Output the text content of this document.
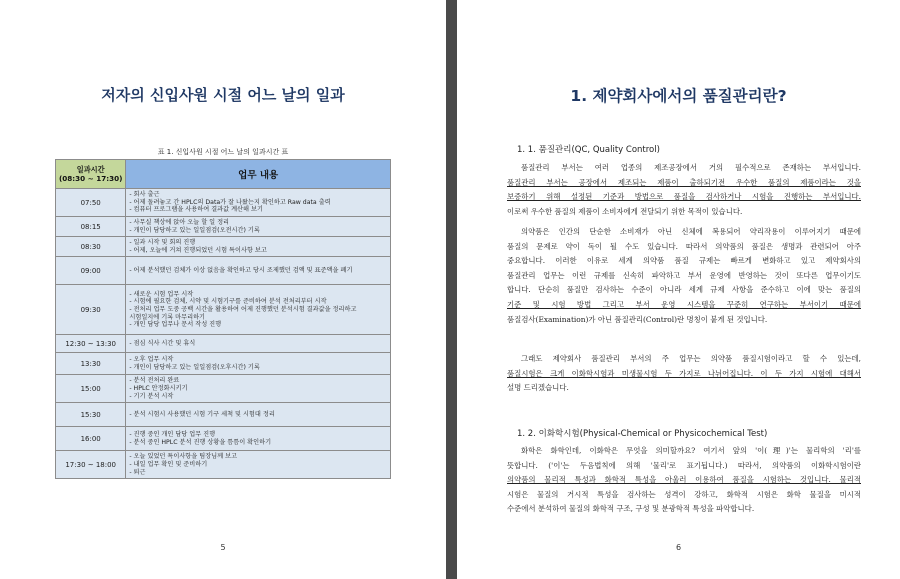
저자의 신입사원 시절 어느 날의 일과
표 1. 신입사원 시절 어느 날의 일과시간 표
일과시간
(08:30 ~ 17:30)	업무 내용
07:50	- 회사 출근
- 어제 돌려놓고 간 HPLC의 Data가 잘 나왔는지 확인하고 Raw data 출력
- 컴퓨터 프로그램을 사용하여 결과값 계산해 보기

08:15	- 사무실 책상에 앉아 오늘 할 일 정리
- 개인이 담당하고 있는 일일점검(오전시간) 기록

08:30	- 일과 시작 및 회의 진행
- 어제, 오늘에 거쳐 진행되었던 시험 특이사항 보고

09:00	- 어제 분석했던 검체가 이상 없음을 확인하고 당시 조제했던 검액 및 표준액을 폐기

09:30	- 새로운 시험 업무 시작
- 시험에 필요한 검체, 시약 및 시험기구를 준비하여 분석 전처리부터 시작
- 전처리 업무 도중 공백 시간을 활용하여 어제 진행했던 분석시험 결과값을 정리하고
시험일지에 기록 마무리하기
- 개인 담당 업무나 문서 작성 진행

12:30 ~ 13:30	- 점심 식사 시간 및 휴식

13:30	- 오후 업무 시작
- 개인이 담당하고 있는 일일점검(오후시간) 기록

15:00	- 분석 전처리 완료
- HPLC 안정화시키기
- 기기 분석 시작

15:30	- 분석 시험시 사용했던 시험 기구 세척 및 시험대 정리

16:00	- 진행 중인 개인 담당 업무 진행
- 분석 중인 HPLC 분석 진행 상황을 틈틈이 확인하기

17:30 ~ 18:00	- 오늘 있었던 특이사항을 팀장님께 보고
- 내일 업무 확인 및 준비하기
- 퇴근
5
1. 제약회사에서의 품질관리란?
1. 1. 품질관리(QC, Quality Control)
품질관리 부서는 여러 업종의 제조공장에서 거의 필수적으로 존재하는 부서입니다.
품질관리 부서는 공장에서 제조되는 제품이 출하되기전 우수한 품질의 제품이라는 것을
보증하기 위해 설정된 기준과 방법으로 품질을 검사하거나 시험을 진행하는 부서입니다.
이로써 우수한 품질의 제품이 소비자에게 전달되기 위한 목적이 있습니다.
의약품은 인간의 단순한 소비재가 아닌 신체에 복용되어 약리작용이 이루어지기 때문에
품질의 문제로 약이 독이 될 수도 있습니다. 따라서 의약품의 품질은 생명과 관련되어 아주
중요합니다. 이러한 이유로 세계 의약품 품질 규제는 빠르게 변화하고 있고 제약회사의
품질관리 업무는 이런 규제를 신속히 파악하고 부서 운영에 반영하는 것이 또다른 업무이기도
합니다. 단순히 품질만 검사하는 수준이 아니라 세계 규제 사항을 준수하고 이에 맞는 품질의
기준 및 시험 방법 그리고 부서 운영 시스템을 꾸준히 연구하는 부서이기 때문에
품질검사(Examination)가 아닌 품질관리(Control)란 명칭이 붙게 된 것입니다.
그래도 제약회사 품질관리 부서의 주 업무는 의약품 품질시험이라고 할 수 있는데,
품질시험은 크게 이화학시험과 미생물시험 두 가지로 나뉘어집니다. 이 두 가지 시험에 대해서
설명 드리겠습니다.
1. 2. 이화학시험(Physical-Chemical or Physicochemical Test)
화학은 화학인데, 이화학은 무엇을 의미할까요? 여기서 앞의 '이(理)'는 물리학의 '리'를
뜻합니다. ('이'는 두음법칙에 의해 '물리'로 표기됩니다.) 따라서, 의약품의 이화학시험이란
의약품의 물리적 특성과 화학적 특성을 아울러 이용하여 품질을 시험하는 것입니다. 물리적
시험은 물질의 거시적 특성을 검사하는 성격이 강하고, 화학적 시험은 화학 물질을 미시적
수준에서 분석하여 물질의 화학적 구조, 구성 및 분광학적 특성을 파악합니다.
6
